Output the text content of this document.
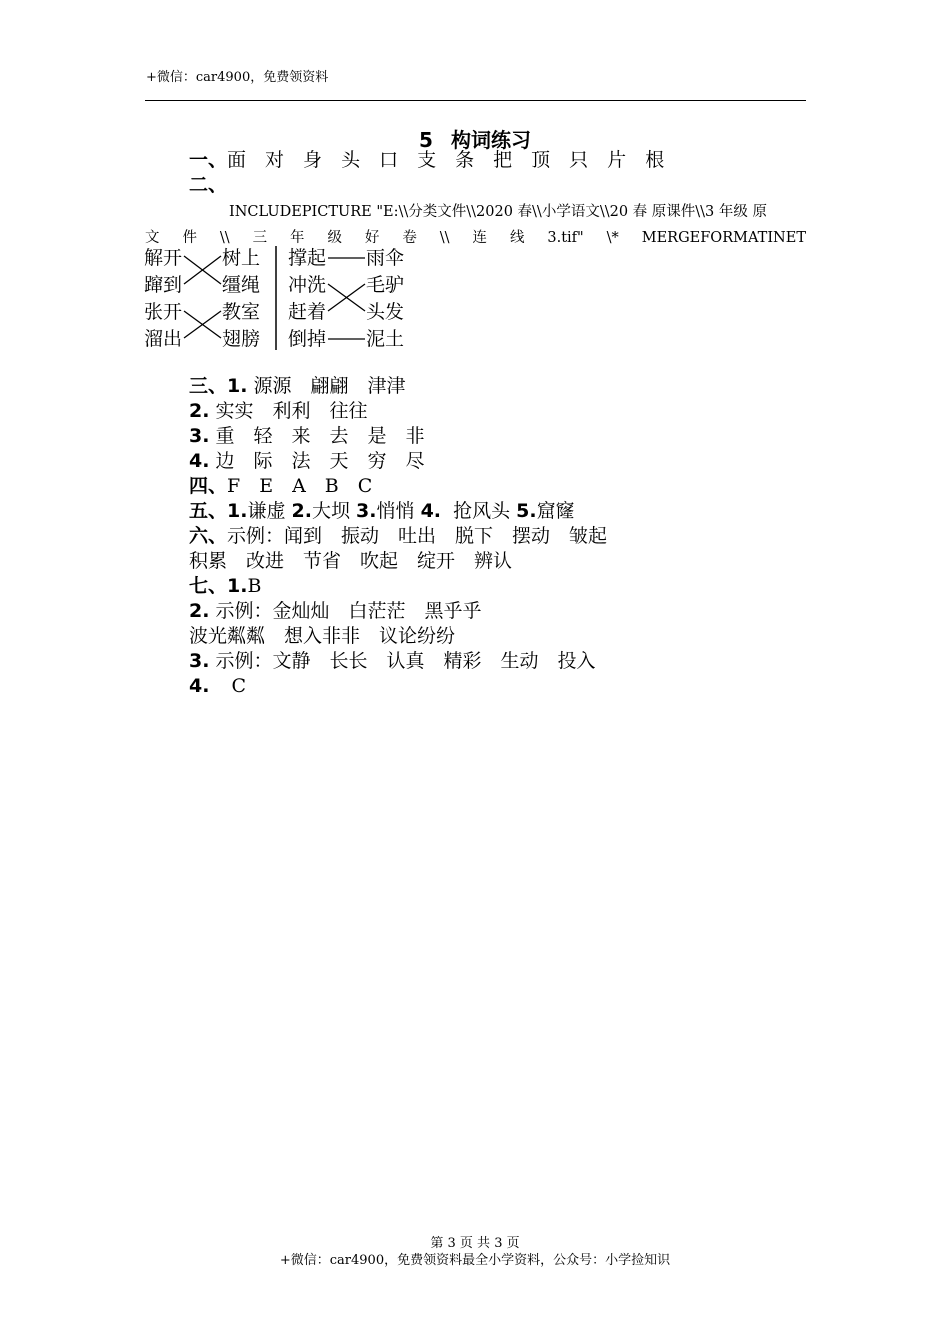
+微信：car4900，免费领资料
5 构词练习
一、面 对 身 头 口 支 条 把 顶 只 片 根
二、
INCLUDEPICTURE "E:\\分类文件\\2020 春\\小学语文\\20 春 原课件\\3 年级 原
文 件 \\ 三 年 级 好 卷 \\ 连 线 3.tif" \* MERGEFORMATINET
解开
蹿到
张开
溜出
树上
缰绳
教室
翅膀
撑起
冲洗
赶着
倒掉
雨伞
毛驴
头发
泥土
三、1. 源源　翩翩　津津
2. 实实　利利　往往
3. 重　轻　来　去　是　非
4. 边　际　法　天　穷　尽
四、F　E　A　B　C
五、1.谦虚 2.大坝 3.悄悄 4. 抢风头 5.窟窿
六、示例：闻到　振动　吐出　脱下　摆动　皱起
积累　改进　节省　吹起　绽开　辨认
七、1.B
2. 示例：金灿灿　白茫茫　黑乎乎
波光粼粼　想入非非　议论纷纷
3. 示例：文静　长长　认真　精彩　生动　投入
4. C
第 3 页 共 3 页
+微信：car4900，免费领资料最全小学资料，公众号：小学捡知识
